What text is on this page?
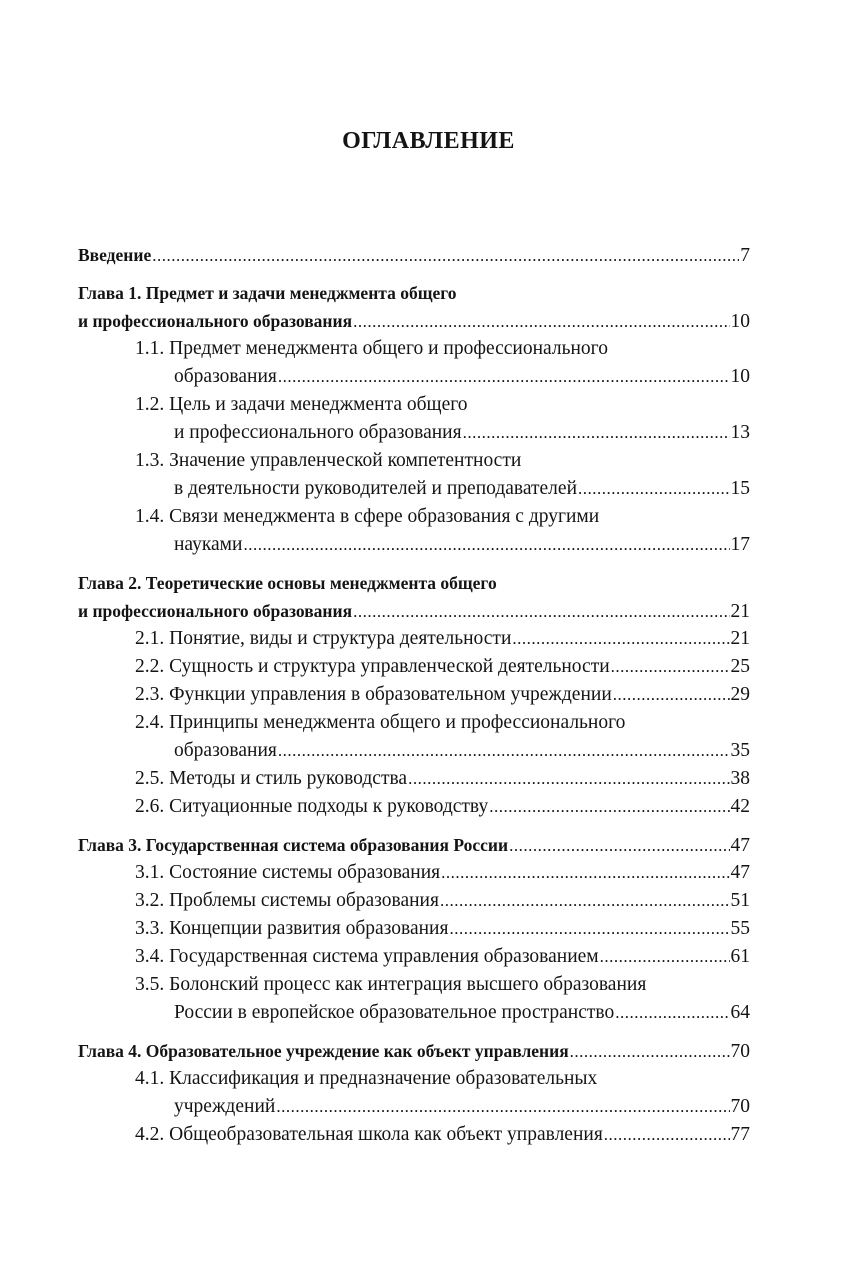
ОГЛАВЛЕНИЕ
Введение .....	7
Глава 1. Предмет и задачи менеджмента общего
и профессионального образования .....	10
1.1. Предмет менеджмента общего и профессионального
образования .....	10
1.2. Цель и задачи менеджмента общего
и профессионального образования .....	13
1.3. Значение управленческой компетентности
в деятельности руководителей и преподавателей .....	15
1.4. Связи менеджмента в сфере образования с другими
науками .....	17
Глава 2. Теоретические основы менеджмента общего
и профессионального образования .....	21
2.1. Понятие, виды и структура деятельности .....	21
2.2. Сущность и структура управленческой деятельности .....	25
2.3. Функции управления в образовательном учреждении .....	29
2.4. Принципы менеджмента общего и профессионального
образования .....	35
2.5. Методы и стиль руководства .....	38
2.6. Ситуационные подходы к руководству .....	42
Глава 3. Государственная система образования России .....	47
3.1. Состояние системы образования .....	47
3.2. Проблемы системы образования .....	51
3.3. Концепции развития образования .....	55
3.4. Государственная система управления образованием .....	61
3.5. Болонский процесс как интеграция высшего образования
России в европейское образовательное пространство .....	64
Глава 4. Образовательное учреждение как объект управления .....	70
4.1. Классификация и предназначение образовательных
учреждений .....	70
4.2. Общеобразовательная школа как объект управления .....	77
